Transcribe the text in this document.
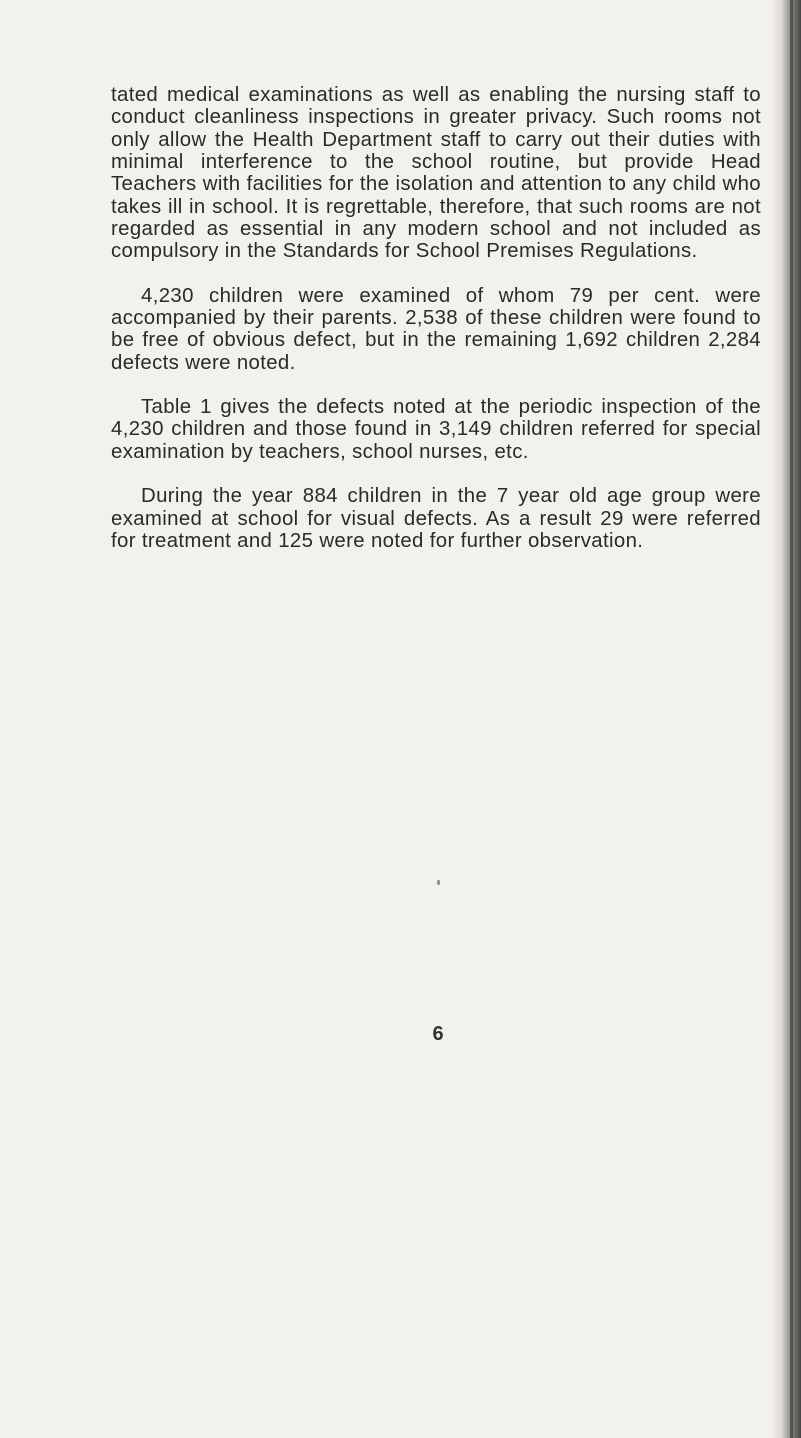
tated medical examinations as well as enabling the nursing staff to conduct cleanliness inspections in greater privacy. Such rooms not only allow the Health Department staff to carry out their duties with minimal interference to the school routine, but provide Head Teachers with facilities for the isolation and attention to any child who takes ill in school. It is regrettable, therefore, that such rooms are not regarded as essential in any modern school and not included as compulsory in the Standards for School Premises Regulations.

4,230 children were examined of whom 79 per cent. were accompanied by their parents. 2,538 of these children were found to be free of obvious defect, but in the remaining 1,692 children 2,284 defects were noted.

Table 1 gives the defects noted at the periodic inspection of the 4,230 children and those found in 3,149 children referred for special examination by teachers, school nurses, etc.

During the year 884 children in the 7 year old age group were examined at school for visual defects. As a result 29 were referred for treatment and 125 were noted for further observation.

6
